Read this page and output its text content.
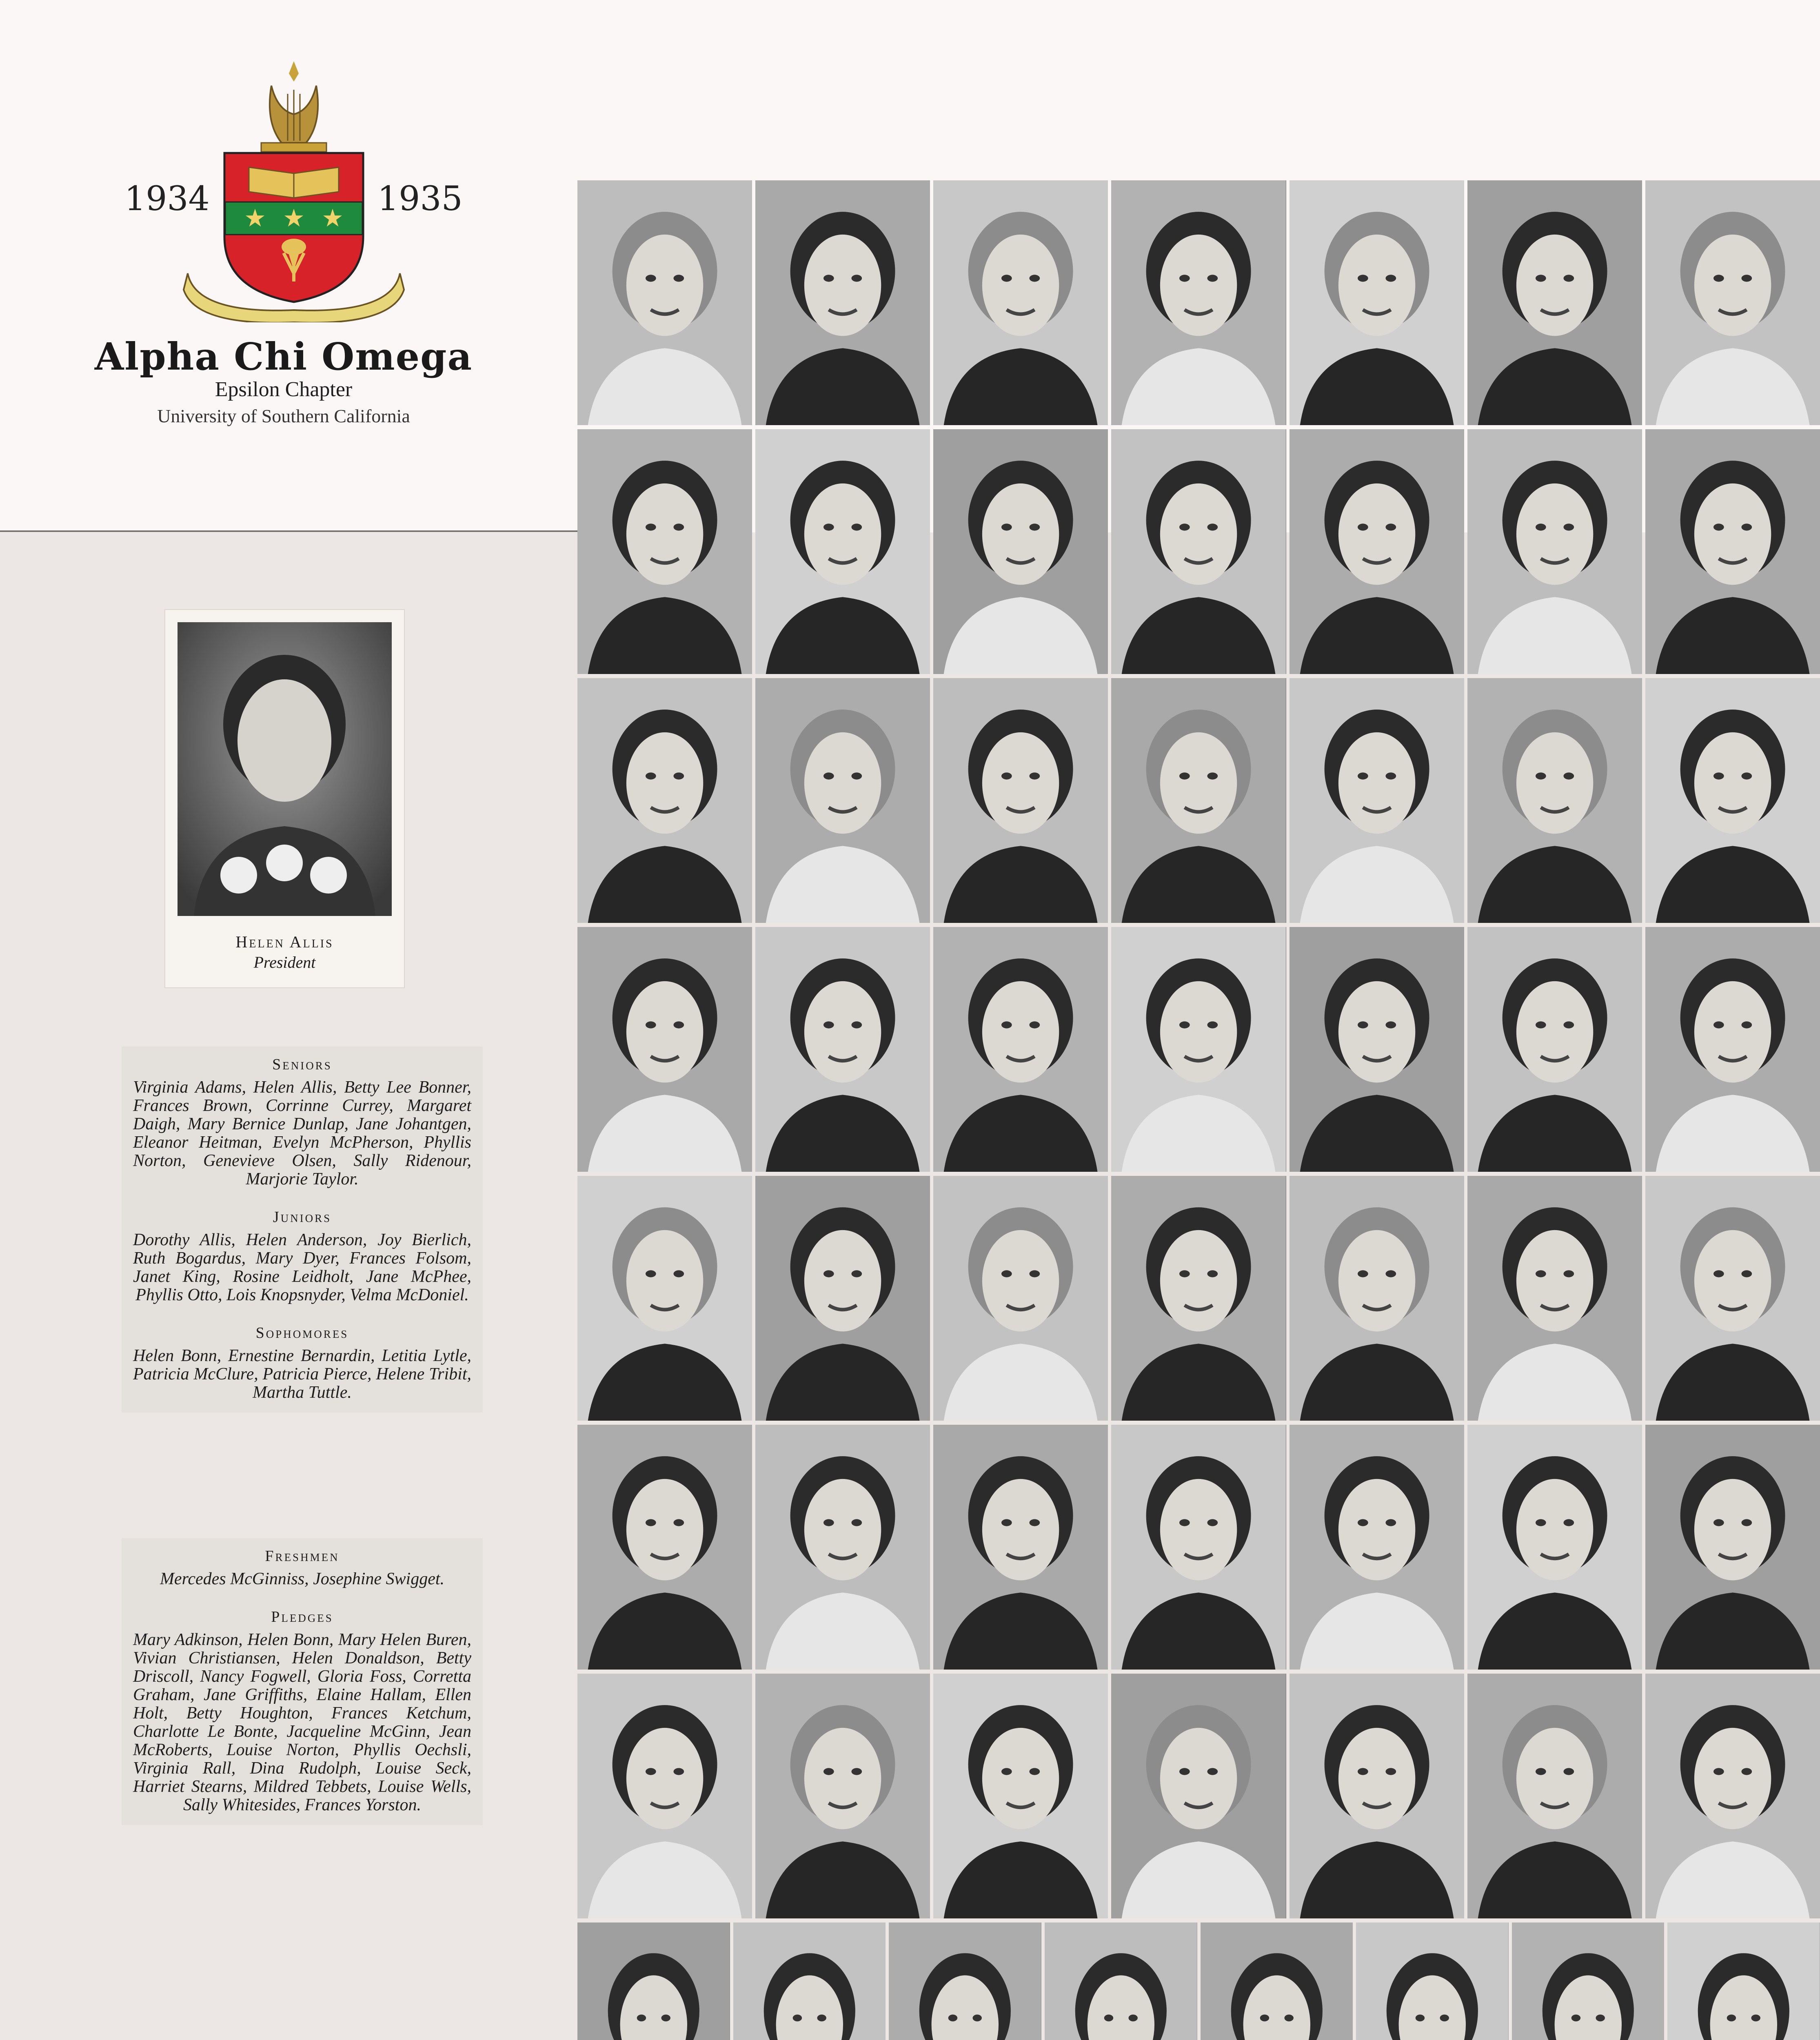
★ ★ ★
1934	1935
Alpha Chi Omega
Epsilon Chapter
University of Southern California
Helen Allis
President
Seniors
Virginia Adams, Helen Allis, Betty Lee Bonner, Frances Brown, Corrinne Currey, Margaret Daigh, Mary Bernice Dunlap, Jane Johantgen, Eleanor Heitman, Evelyn McPherson, Phyllis Norton, Genevieve Olsen, Sally Ridenour, Marjorie Taylor.
Juniors
Dorothy Allis, Helen Anderson, Joy Bierlich, Ruth Bogardus, Mary Dyer, Frances Folsom, Janet King, Rosine Leidholt, Jane McPhee, Phyllis Otto, Lois Knopsnyder, Velma McDoniel.
Sophomores
Helen Bonn, Ernestine Bernardin, Letitia Lytle, Patricia McClure, Patricia Pierce, Helene Tribit, Martha Tuttle.
Freshmen
Mercedes McGinniss, Josephine Swigget.
Pledges
Mary Adkinson, Helen Bonn, Mary Helen Buren, Vivian Christiansen, Helen Donaldson, Betty Driscoll, Nancy Fogwell, Gloria Foss, Corretta Graham, Jane Griffiths, Elaine Hallam, Ellen Holt, Betty Houghton, Frances Ketchum, Charlotte Le Bonte, Jacqueline McGinn, Jean McRoberts, Louise Norton, Phyllis Oechsli, Virginia Rall, Dina Rudolph, Louise Seck, Harriet Stearns, Mildred Tebbets, Louise Wells, Sally Whitesides, Frances Yorston.
